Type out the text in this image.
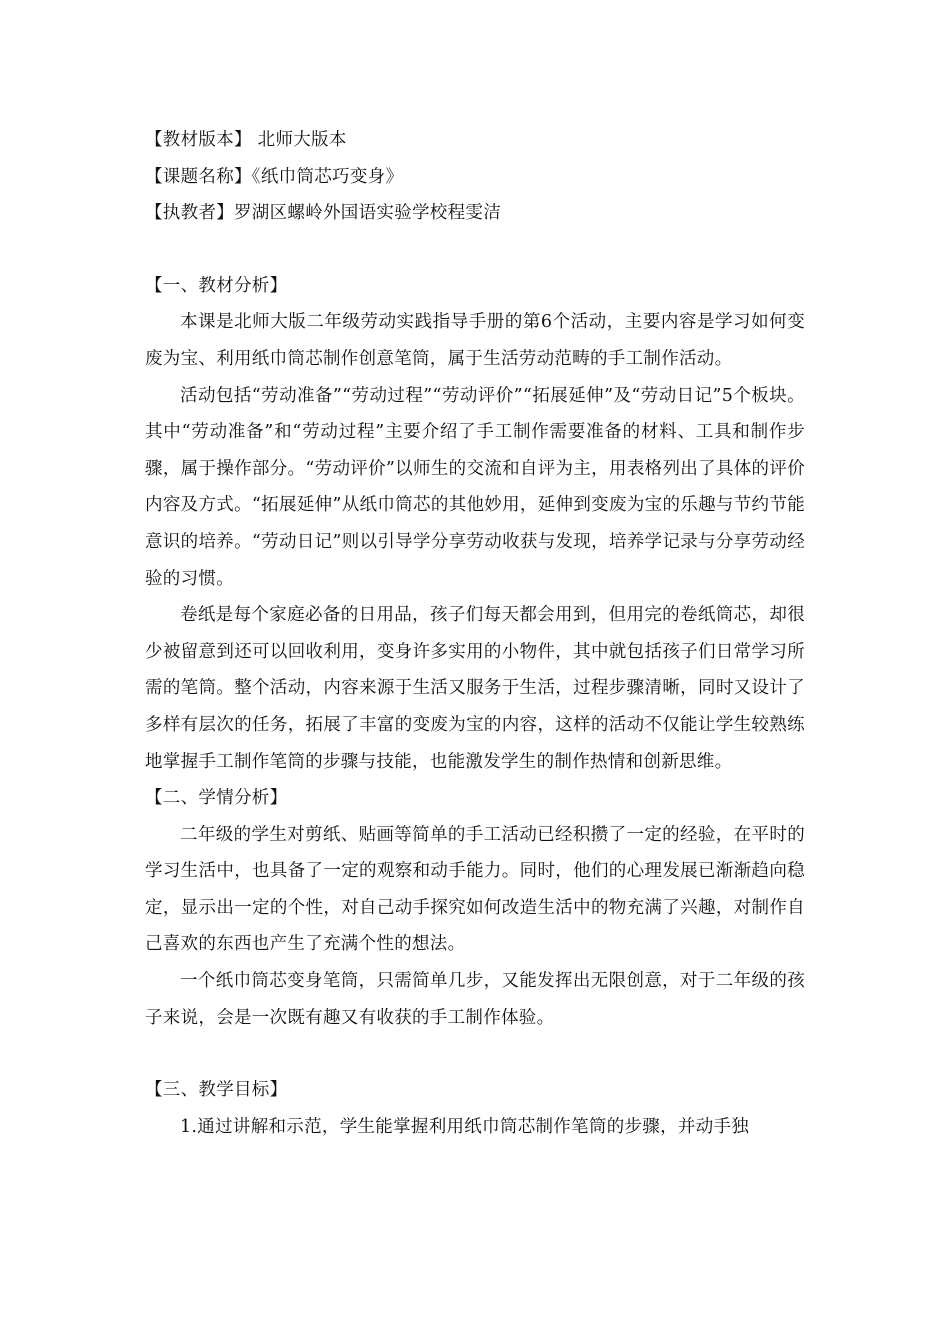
【教材版本】 北师大版本

【课题名称】《纸巾筒芯巧变身》

【执教者】罗湖区螺岭外国语实验学校程雯洁

【一、教材分析】

本课是北师大版二年级劳动实践指导手册的第6个活动，主要内容是学习如何变废为宝、利用纸巾筒芯制作创意笔筒，属于生活劳动范畴的手工制作活动。

活动包括“劳动准备”“劳动过程”“劳动评价”“拓展延伸”及“劳动日记”5个板块。其中“劳动准备”和“劳动过程”主要介绍了手工制作需要准备的材料、工具和制作步骤，属于操作部分。“劳动评价”以师生的交流和自评为主，用表格列出了具体的评价内容及方式。“拓展延伸”从纸巾筒芯的其他妙用，延伸到变废为宝的乐趣与节约节能意识的培养。“劳动日记”则以引导学分享劳动收获与发现，培养学记录与分享劳动经验的习惯。

卷纸是每个家庭必备的日用品，孩子们每天都会用到，但用完的卷纸筒芯，却很少被留意到还可以回收利用，变身许多实用的小物件，其中就包括孩子们日常学习所需的笔筒。整个活动，内容来源于生活又服务于生活，过程步骤清晰，同时又设计了多样有层次的任务，拓展了丰富的变废为宝的内容，这样的活动不仅能让学生较熟练地掌握手工制作笔筒的步骤与技能，也能激发学生的制作热情和创新思维。

【二、学情分析】

二年级的学生对剪纸、贴画等简单的手工活动已经积攒了一定的经验，在平时的学习生活中，也具备了一定的观察和动手能力。同时，他们的心理发展已渐渐趋向稳定，显示出一定的个性，对自己动手探究如何改造生活中的物充满了兴趣，对制作自己喜欢的东西也产生了充满个性的想法。

一个纸巾筒芯变身笔筒，只需简单几步，又能发挥出无限创意，对于二年级的孩子来说，会是一次既有趣又有收获的手工制作体验。

【三、教学目标】

1.通过讲解和示范，学生能掌握利用纸巾筒芯制作笔筒的步骤，并动手独
